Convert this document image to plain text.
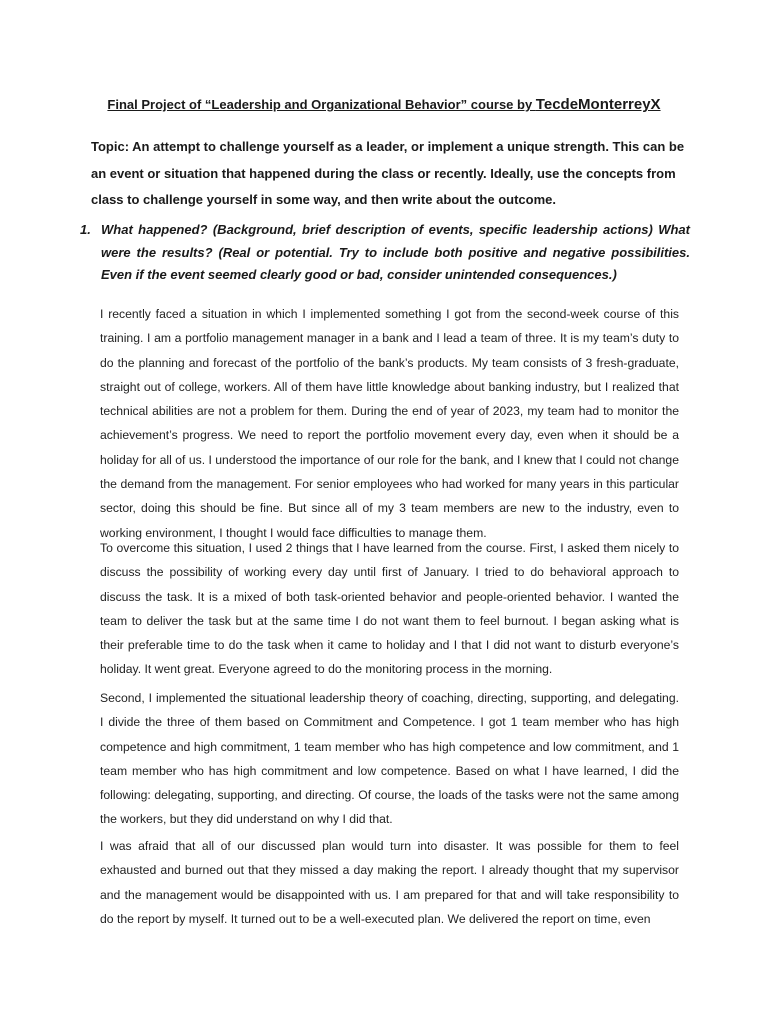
Final Project of “Leadership and Organizational Behavior” course by TecdeMonterreyX

Topic: An attempt to challenge yourself as a leader, or implement a unique strength. This can be an event or situation that happened during the class or recently. Ideally, use the concepts from class to challenge yourself in some way, and then write about the outcome.

1. What happened? (Background, brief description of events, specific leadership actions) What were the results? (Real or potential. Try to include both positive and negative possibilities. Even if the event seemed clearly good or bad, consider unintended consequences.)

I recently faced a situation in which I implemented something I got from the second-week course of this training. I am a portfolio management manager in a bank and I lead a team of three. It is my team’s duty to do the planning and forecast of the portfolio of the bank’s products. My team consists of 3 fresh-graduate, straight out of college, workers. All of them have little knowledge about banking industry, but I realized that technical abilities are not a problem for them. During the end of year of 2023, my team had to monitor the achievement’s progress. We need to report the portfolio movement every day, even when it should be a holiday for all of us. I understood the importance of our role for the bank, and I knew that I could not change the demand from the management. For senior employees who had worked for many years in this particular sector, doing this should be fine. But since all of my 3 team members are new to the industry, even to working environment, I thought I would face difficulties to manage them.

To overcome this situation, I used 2 things that I have learned from the course. First, I asked them nicely to discuss the possibility of working every day until first of January. I tried to do behavioral approach to discuss the task. It is a mixed of both task-oriented behavior and people-oriented behavior. I wanted the team to deliver the task but at the same time I do not want them to feel burnout. I began asking what is their preferable time to do the task when it came to holiday and I that I did not want to disturb everyone’s holiday. It went great. Everyone agreed to do the monitoring process in the morning.

Second, I implemented the situational leadership theory of coaching, directing, supporting, and delegating. I divide the three of them based on Commitment and Competence. I got 1 team member who has high competence and high commitment, 1 team member who has high competence and low commitment, and 1 team member who has high commitment and low competence. Based on what I have learned, I did the following: delegating, supporting, and directing. Of course, the loads of the tasks were not the same among the workers, but they did understand on why I did that.

I was afraid that all of our discussed plan would turn into disaster. It was possible for them to feel exhausted and burned out that they missed a day making the report. I already thought that my supervisor and the management would be disappointed with us. I am prepared for that and will take responsibility to do the report by myself. It turned out to be a well-executed plan. We delivered the report on time, even
